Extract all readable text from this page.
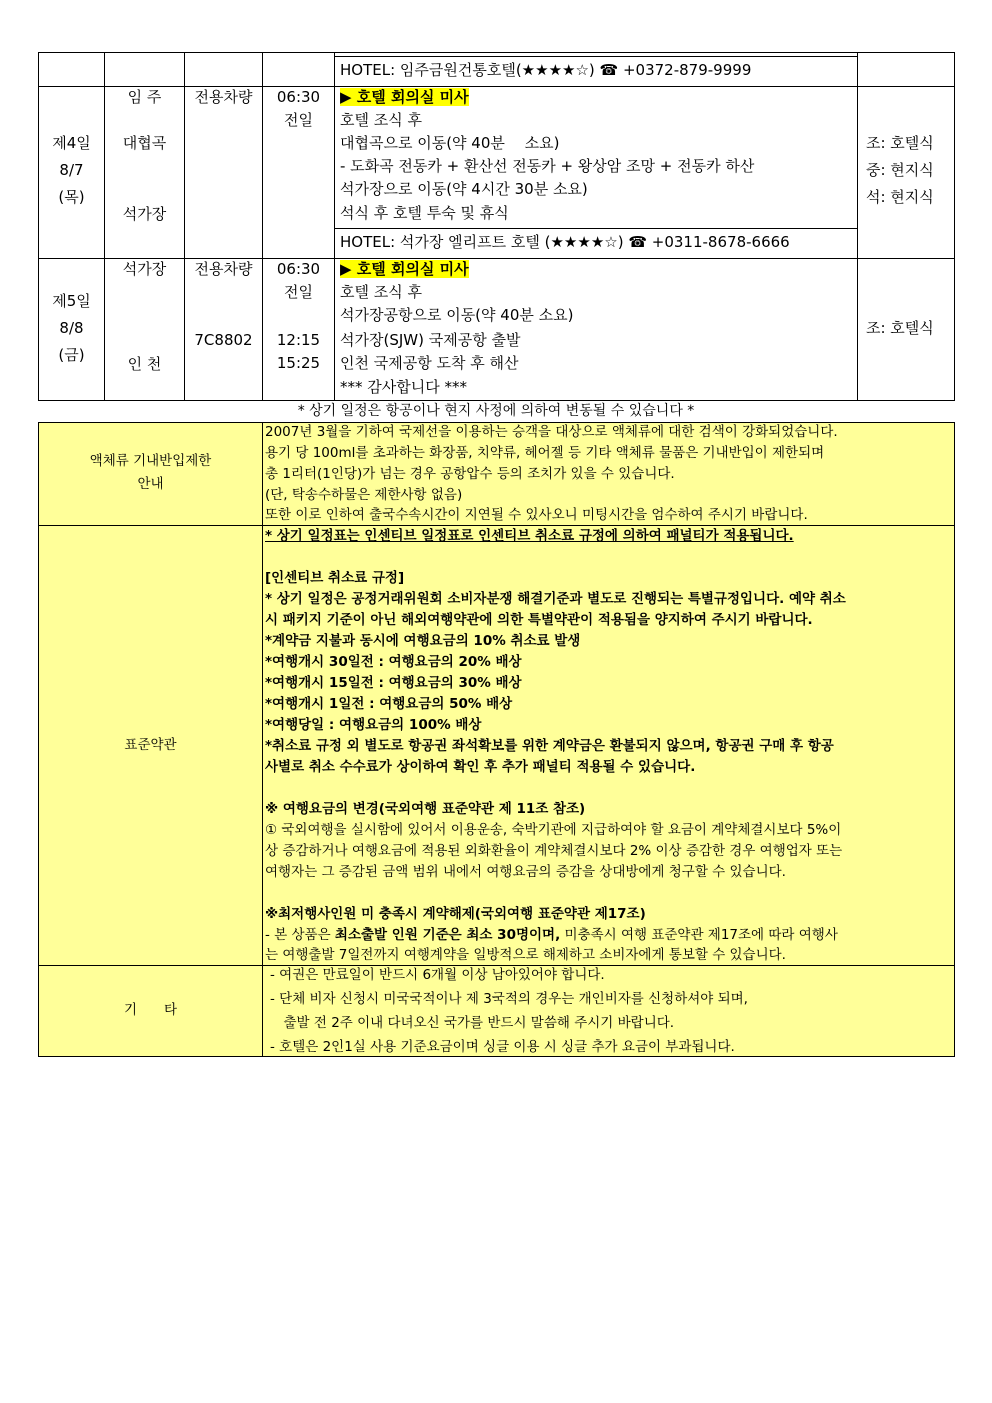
HOTEL: 임주금원건통호텔(★★★★☆) ☎ +0372-879-9999
제4일
8/7
(목)
임 주
대협곡
석가장
전용차량	06:30
전일
▶ 호텔 회의실 미사
호텔 조식 후
대협곡으로 이동(약 40분 　소요)
- 도화곡 전동카 + 환산선 전동카 + 왕상암 조망 + 전동카 하산
석가장으로 이동(약 4시간 30분 소요)
석식 후 호텔 투숙 및 휴식
HOTEL: 석가장 엘리프트 호텔 (★★★★☆) ☎ +0311-8678-6666
조: 호텔식
중: 현지식
석: 현지식
제5일
8/8
(금)
석가장
인 천
전용차량
7C8802
06:30
전일
12:15
15:25
▶ 호텔 회의실 미사
호텔 조식 후
석가장공항으로 이동(약 40분 소요)
석가장(SJW) 국제공항 출발
인천 국제공항 도착 후 해산
*** 감사합니다 ***
조: 호텔식
* 상기 일정은 항공이나 현지 사정에 의하여 변동될 수 있습니다 *
액체류 기내반입제한
안내
2007년 3월을 기하여 국제선을 이용하는 승객을 대상으로 액체류에 대한 검색이 강화되었습니다.
용기 당 100ml를 초과하는 화장품, 치약류, 헤어젤 등 기타 액체류 물품은 기내반입이 제한되며
총 1리터(1인당)가 넘는 경우 공항압수 등의 조치가 있을 수 있습니다.
(단, 탁송수하물은 제한사항 없음)
또한 이로 인하여 출국수속시간이 지연될 수 있사오니 미팅시간을 엄수하여 주시기 바랍니다.
표준약관
* 상기 일정표는 인센티브 일정표로 인센티브 취소료 규정에 의하여 패널티가 적용됩니다.
[인센티브 취소료 규정]
* 상기 일정은 공정거래위원회 소비자분쟁 해결기준과 별도로 진행되는 특별규정입니다. 예약 취소
시 패키지 기준이 아닌 해외여행약관에 의한 특별약관이 적용됨을 양지하여 주시기 바랍니다.
*계약금 지불과 동시에 여행요금의 10% 취소료 발생
*여행개시 30일전 : 여행요금의 20% 배상
*여행개시 15일전 : 여행요금의 30% 배상
*여행개시 1일전 : 여행요금의 50% 배상
*여행당일 : 여행요금의 100% 배상
*취소료 규정 외 별도로 항공권 좌석확보를 위한 계약금은 환불되지 않으며, 항공권 구매 후 항공
사별로 취소 수수료가 상이하여 확인 후 추가 패널티 적용될 수 있습니다.
※ 여행요금의 변경(국외여행 표준약관 제 11조 참조)
① 국외여행을 실시함에 있어서 이용운송, 숙박기관에 지급하여야 할 요금이 계약체결시보다 5%이
상 증감하거나 여행요금에 적용된 외화환율이 계약체결시보다 2% 이상 증감한 경우 여행업자 또는
여행자는 그 증감된 금액 범위 내에서 여행요금의 증감을 상대방에게 청구할 수 있습니다.
※최저행사인원 미 충족시 계약해제(국외여행 표준약관 제17조)
- 본 상품은 최소출발 인원 기준은 최소 30명이며, 미충족시 여행 표준약관 제17조에 따라 여행사
는 여행출발 7일전까지 여행계약을 일방적으로 해제하고 소비자에게 통보할 수 있습니다.
기　　타
- 여권은 만료일이 반드시 6개월 이상 남아있어야 합니다.
- 단체 비자 신청시 미국국적이나 제 3국적의 경우는 개인비자를 신청하셔야 되며,
　출발 전 2주 이내 다녀오신 국가를 반드시 말씀해 주시기 바랍니다.
- 호텔은 2인1실 사용 기준요금이며 싱글 이용 시 싱글 추가 요금이 부과됩니다.
